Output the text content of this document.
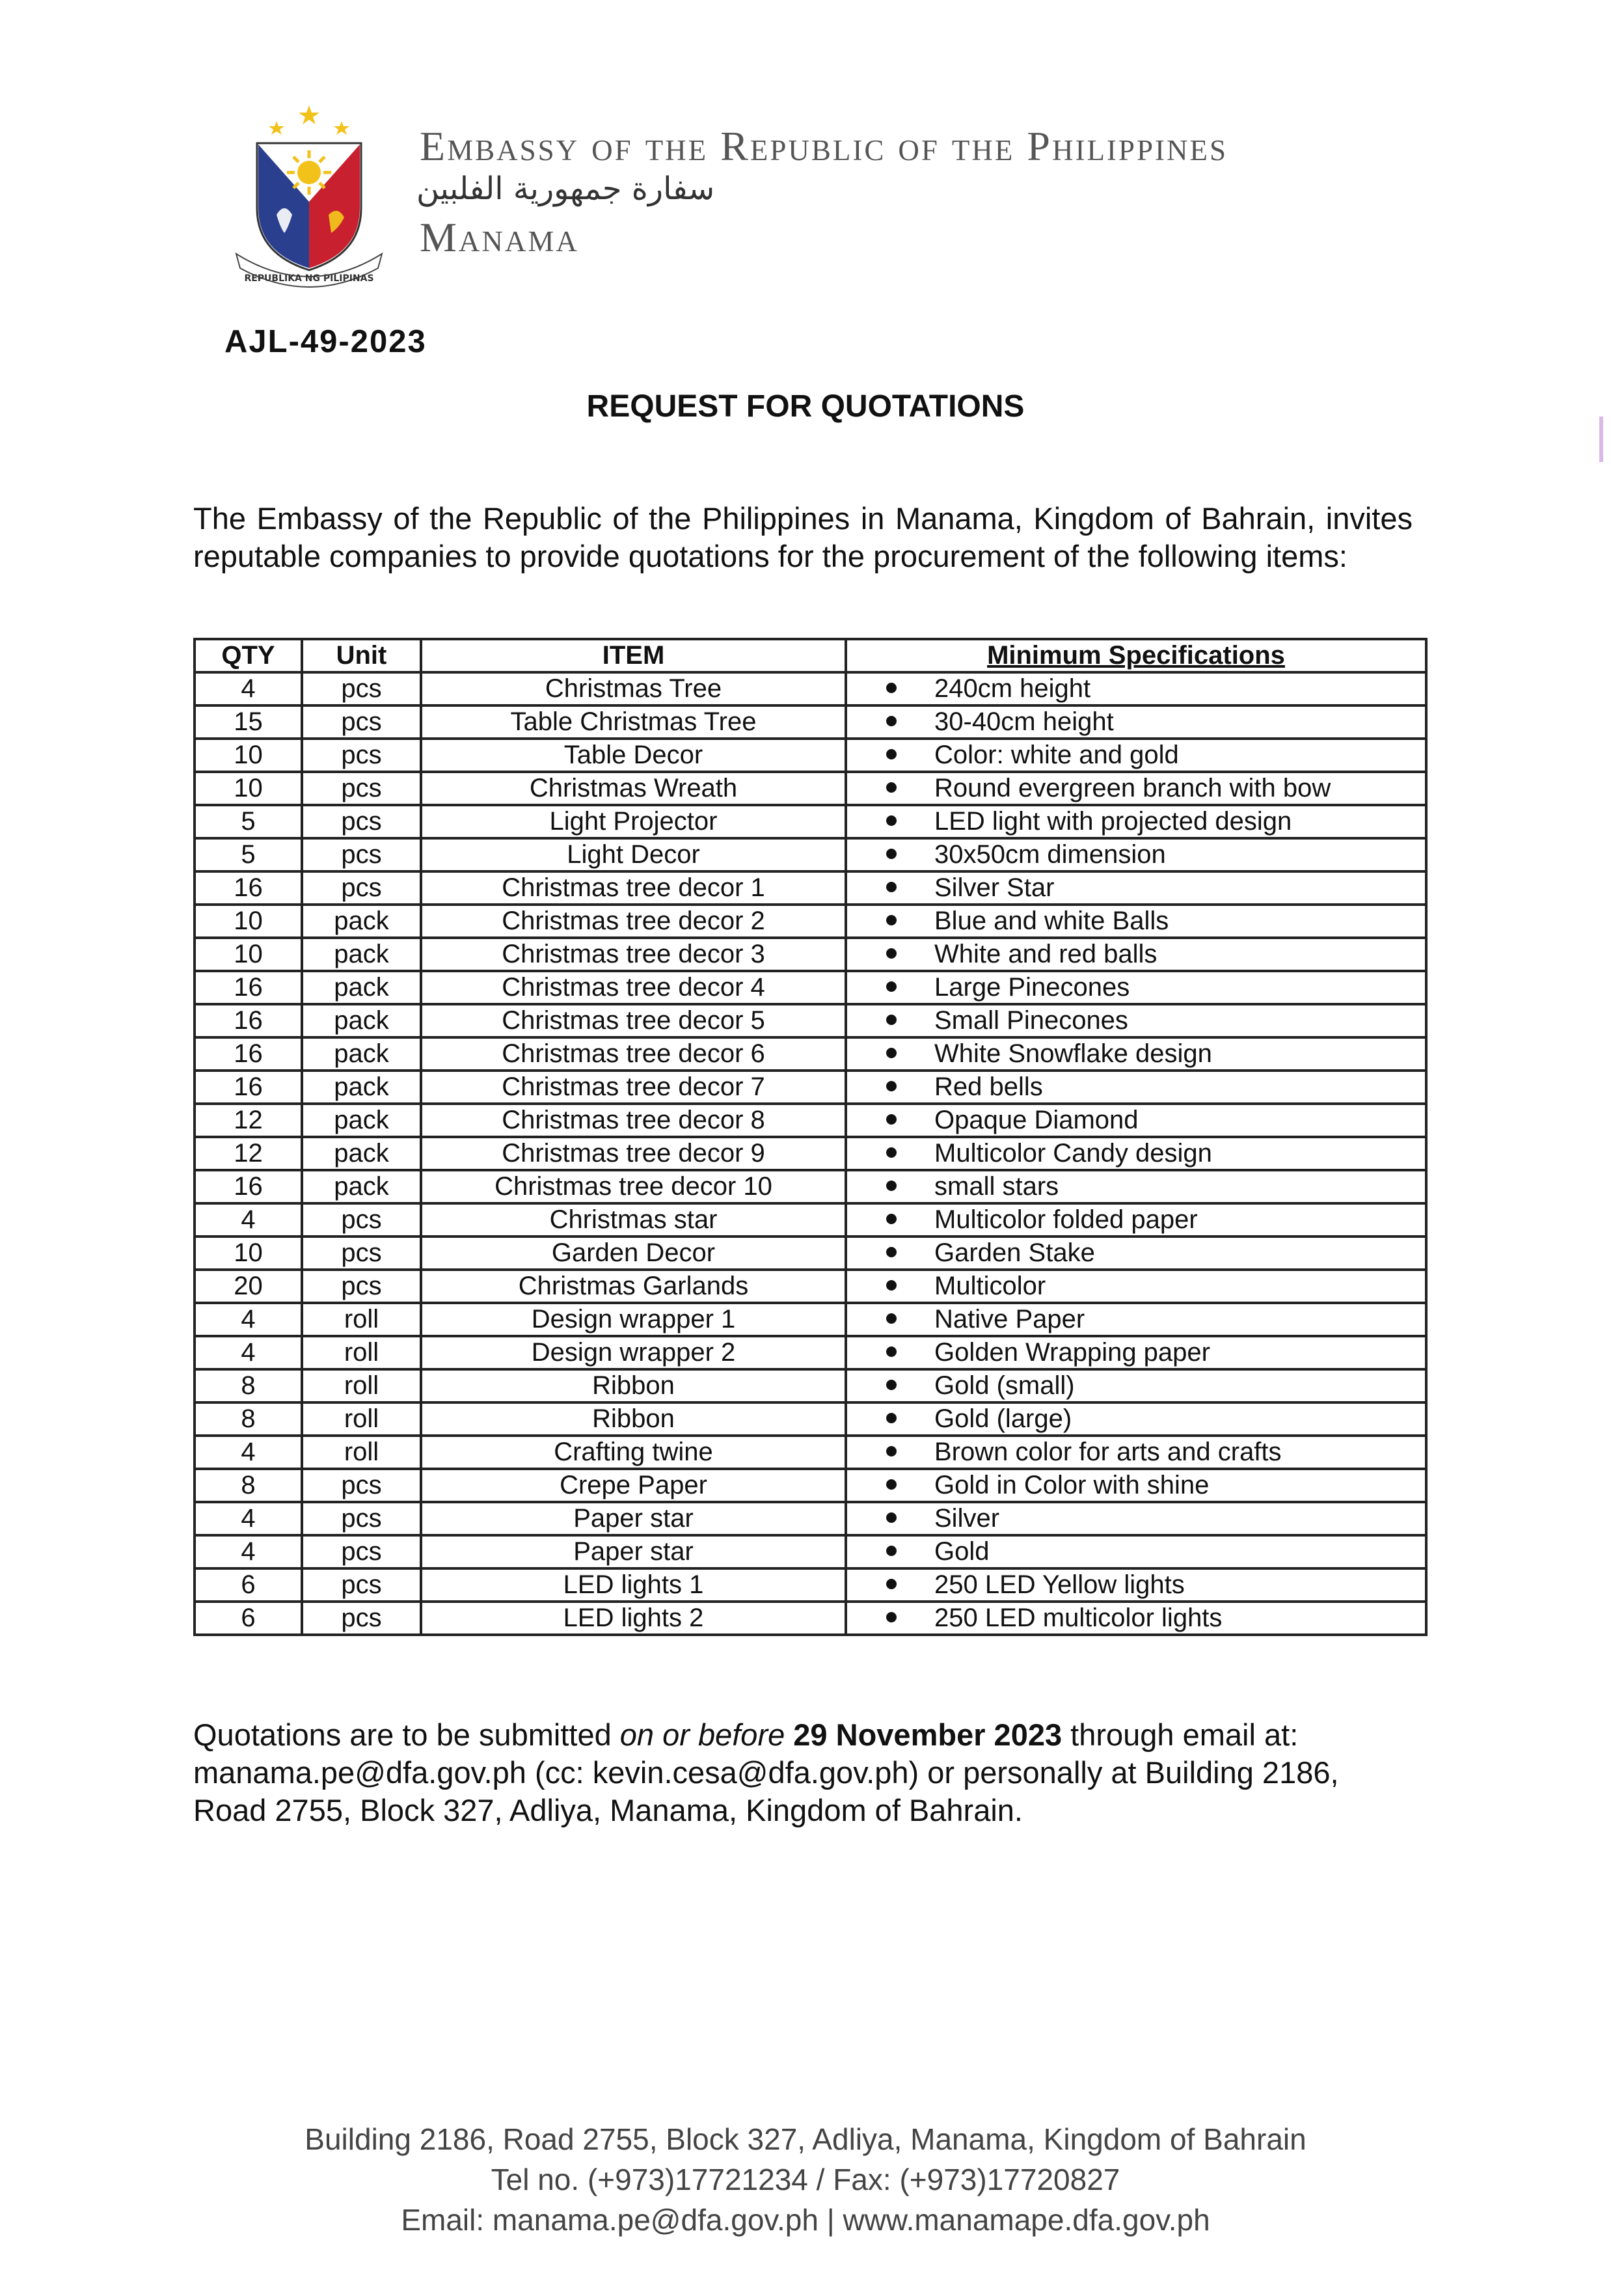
REPUBLIKA NG PILIPINAS
Embassy of the Republic of the Philippines
سفارة جمهورية الفلبين
Manama
AJL-49-2023
REQUEST FOR QUOTATIONS
The Embassy of the Republic of the Philippines in Manama, Kingdom of Bahrain, invites reputable companies to provide quotations for the procurement of the following items:
QTY	Unit	ITEM	Minimum Specifications
4	pcs	Christmas Tree	240cm height
15	pcs	Table Christmas Tree	30-40cm height
10	pcs	Table Decor	Color: white and gold
10	pcs	Christmas Wreath	Round evergreen branch with bow
5	pcs	Light Projector	LED light with projected design
5	pcs	Light Decor	30x50cm dimension
16	pcs	Christmas tree decor 1	Silver Star
10	pack	Christmas tree decor 2	Blue and white Balls
10	pack	Christmas tree decor 3	White and red balls
16	pack	Christmas tree decor 4	Large Pinecones
16	pack	Christmas tree decor 5	Small Pinecones
16	pack	Christmas tree decor 6	White Snowflake design
16	pack	Christmas tree decor 7	Red bells
12	pack	Christmas tree decor 8	Opaque Diamond
12	pack	Christmas tree decor 9	Multicolor Candy design
16	pack	Christmas tree decor 10	small stars
4	pcs	Christmas star	Multicolor folded paper
10	pcs	Garden Decor	Garden Stake
20	pcs	Christmas Garlands	Multicolor
4	roll	Design wrapper 1	Native Paper
4	roll	Design wrapper 2	Golden Wrapping paper
8	roll	Ribbon	Gold (small)
8	roll	Ribbon	Gold (large)
4	roll	Crafting twine	Brown color for arts and crafts
8	pcs	Crepe Paper	Gold in Color with shine
4	pcs	Paper star	Silver
4	pcs	Paper star	Gold
6	pcs	LED lights 1	250 LED Yellow lights
6	pcs	LED lights 2	250 LED multicolor lights
Quotations are to be submitted on or before 29 November 2023 through email at: manama.pe@dfa.gov.ph (cc: kevin.cesa@dfa.gov.ph) or personally at Building 2186, Road 2755, Block 327, Adliya, Manama, Kingdom of Bahrain.
Building 2186, Road 2755, Block 327, Adliya, Manama, Kingdom of Bahrain
Tel no. (+973)17721234 / Fax: (+973)17720827
Email: manama.pe@dfa.gov.ph | www.manamape.dfa.gov.ph
